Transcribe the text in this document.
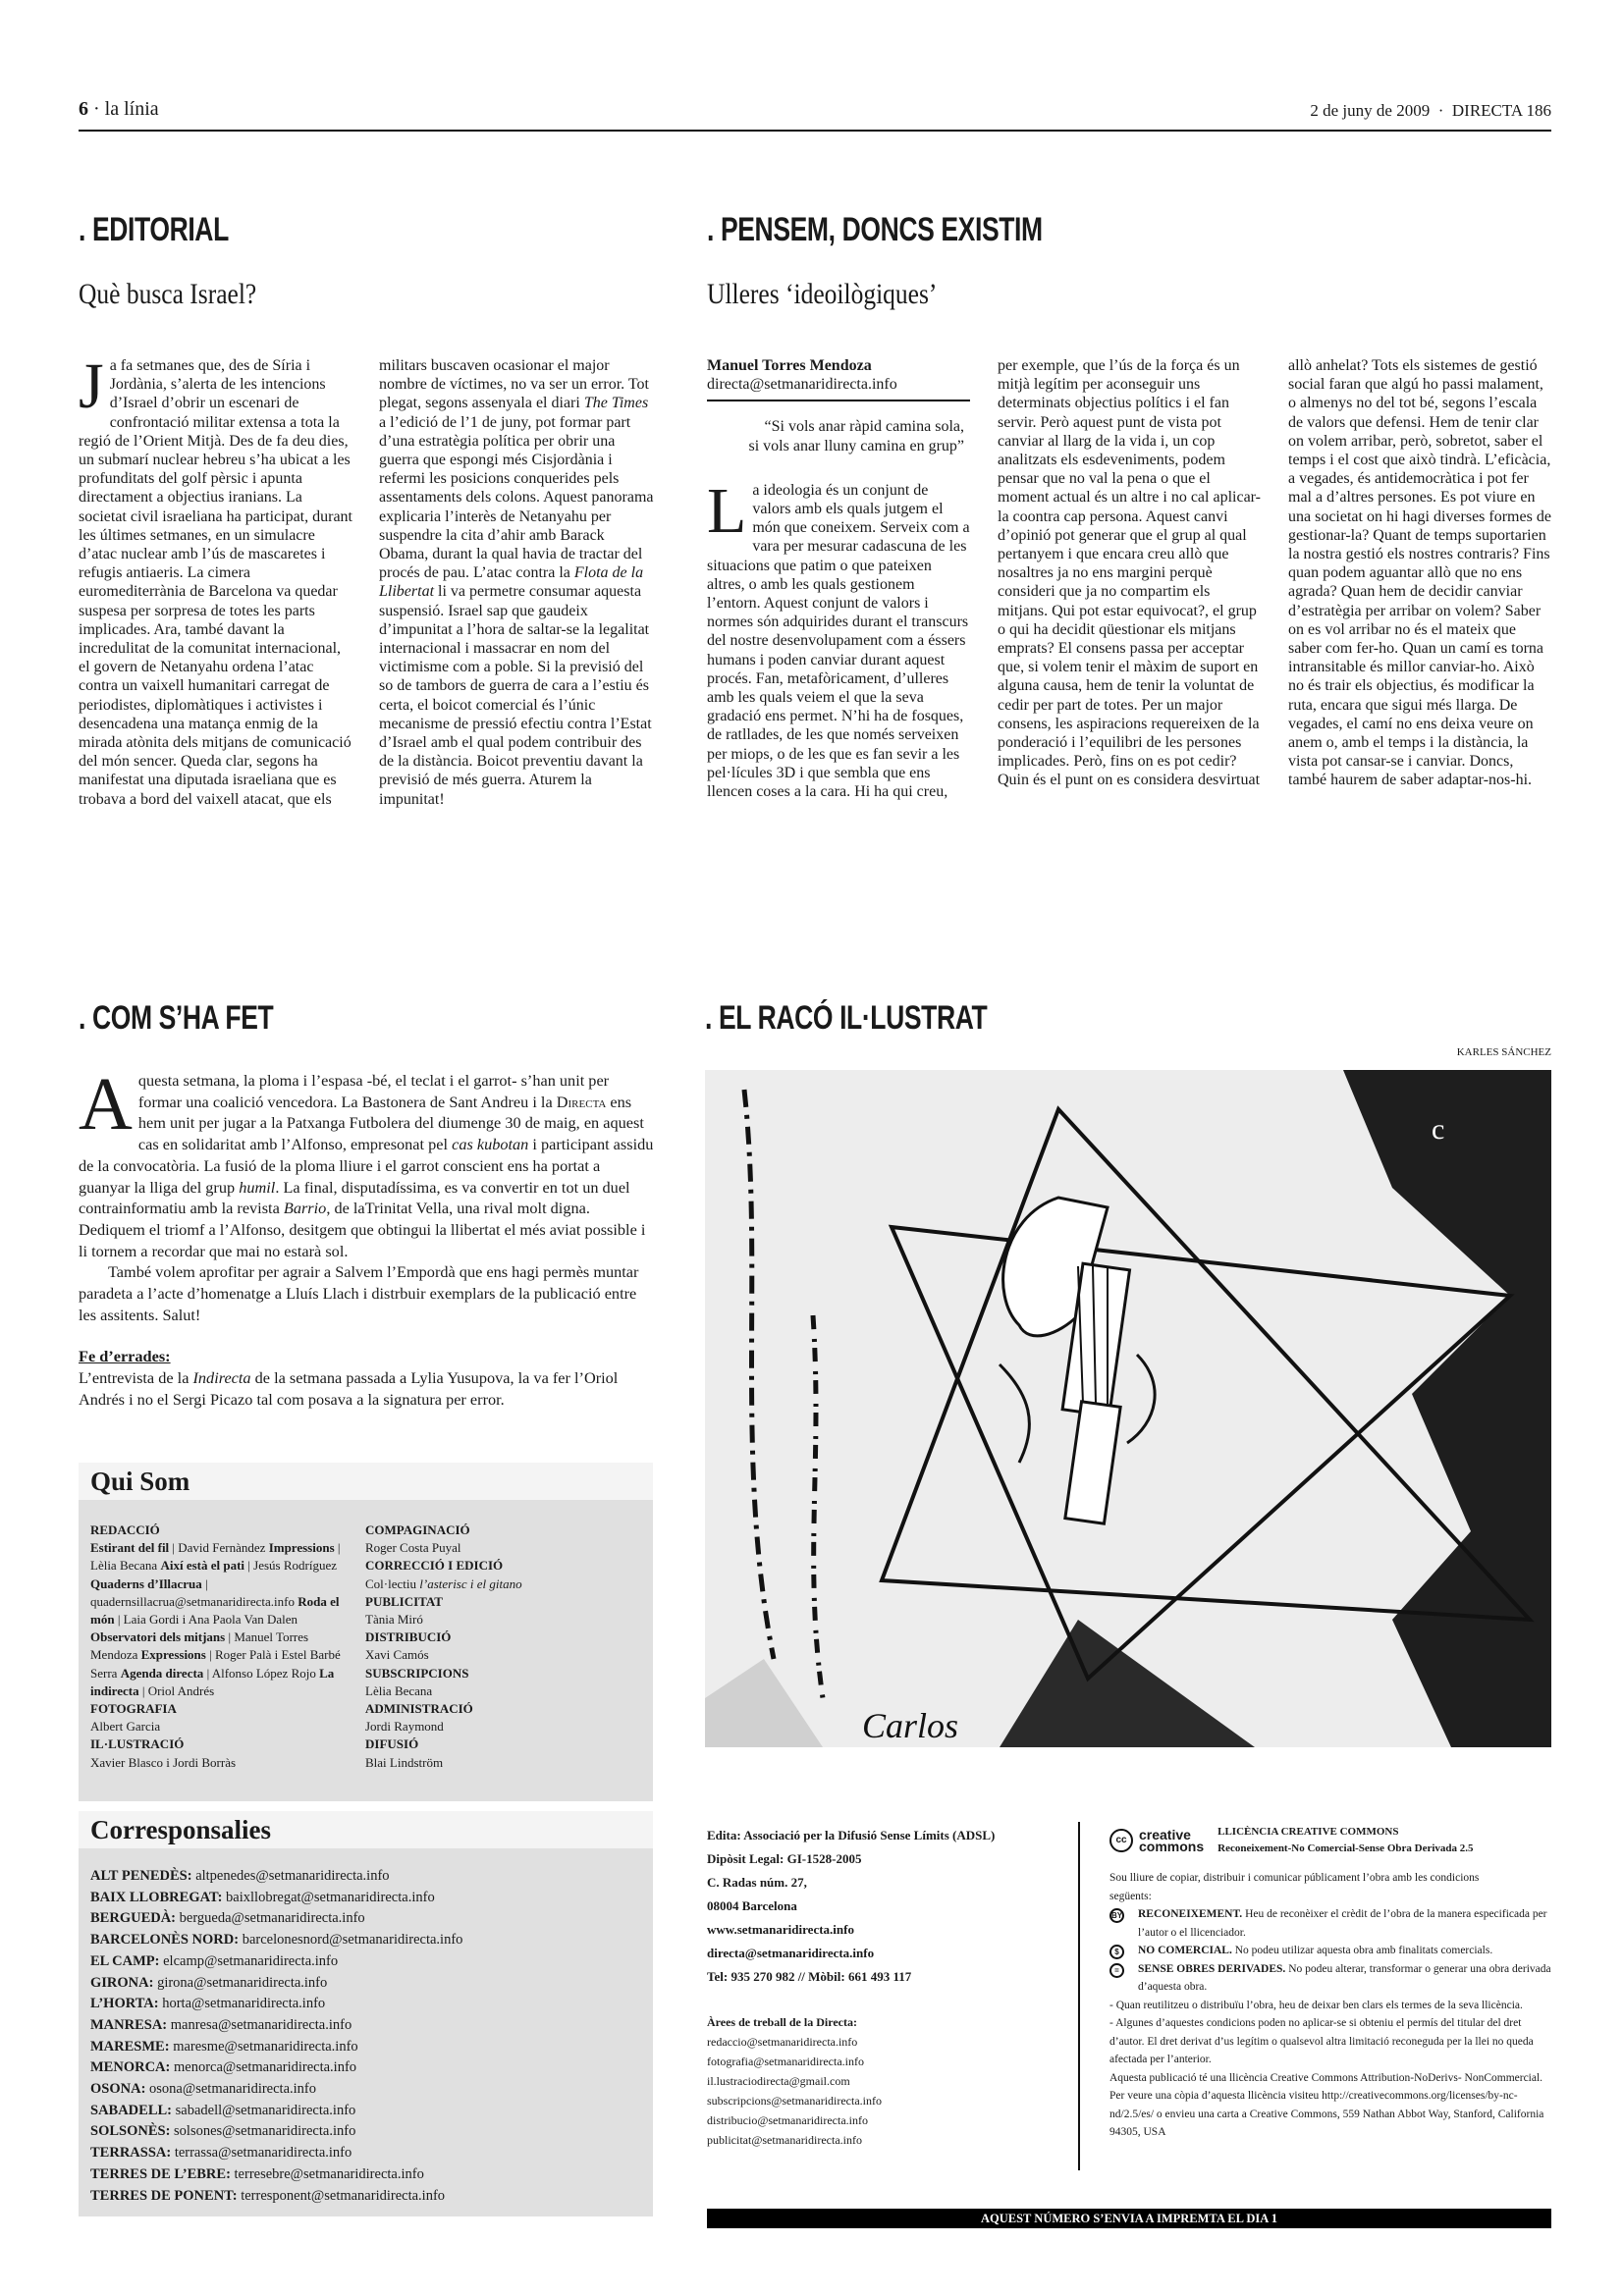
6 · la línia	2 de juny de 2009  ·  DIRECTA 186
. EDITORIAL
Què busca Israel?
J a fa setmanes que, des de Síria i Jordània, s’alerta de les intencions d’Israel d’obrir un escenari de confrontació militar extensa a tota la regió de l’Orient Mitjà. Des de fa deu dies, un submarí nuclear hebreu s’ha ubicat a les profunditats del golf pèrsic i apunta directament a objectius iranians. La societat civil israeliana ha participat, durant les últimes setmanes, en un simulacre d’atac nuclear amb l’ús de mascaretes i refugis antiaeris. La cimera euromediterrània de Barcelona va quedar suspesa per sorpresa de totes les parts implicades. Ara, també davant la incredulitat de la comunitat internacional, el govern de Netanyahu ordena l’atac contra un vaixell humanitari carregat de periodistes, diplomàtiques i activistes i desencadena una matança enmig de la mirada atònita dels mitjans de comunicació del món sencer. Queda clar, segons ha manifestat una diputada israeliana que es trobava a bord del vaixell atacat, que els militars buscaven ocasionar el major nombre de víctimes, no va ser un error. Tot plegat, segons assenyala el diari The Times a l’edició de l’1 de juny, pot formar part d’una estratègia política per obrir una guerra que espongi més Cisjordània i refermi les posicions conquerides pels assentaments dels colons. Aquest panorama explicaria l’interès de Netanyahu per suspendre la cita d’ahir amb Barack Obama, durant la qual havia de tractar del procés de pau. L’atac contra la Flota de la Llibertat li va permetre consumar aquesta suspensió. Israel sap que gaudeix d’impunitat a l’hora de saltar-se la legalitat internacional i massacrar en nom del victimisme com a poble. Si la previsió del so de tambors de guerra de cara a l’estiu és certa, el boicot comercial és l’únic mecanisme de pressió efectiu contra l’Estat d’Israel amb el qual podem contribuir des de la distància. Boicot preventiu davant la previsió de més guerra. Aturem la impunitat!
. PENSEM, DONCS EXISTIM
Ulleres ‘ideoilògiques’
Manuel Torres Mendoza
directa@setmanaridirecta.info
“Si vols anar ràpid camina sola,
si vols anar lluny camina en grup”
L a ideologia és un conjunt de valors amb els quals jutgem el món que coneixem. Serveix com a vara per mesurar cadascuna de les situacions que patim o que pateixen altres, o amb les quals gestionem l’entorn. Aquest conjunt de valors i normes són adquirides durant el transcurs del nostre desenvolupament com a éssers humans i poden canviar durant aquest procés. Fan, metafòricament, d’ulleres amb les quals veiem el que la seva gradació ens permet. N’hi ha de fosques, de ratllades, de les que només serveixen per miops, o de les que es fan sevir a les pel·lícules 3D i que sembla que ens llencen coses a la cara. Hi ha qui creu, per exemple, que l’ús de la força és un mitjà legítim per aconseguir uns determinats objectius polítics i el fan servir. Però aquest punt de vista pot canviar al llarg de la vida i, un cop analitzats els esdeveniments, podem pensar que no val la pena o que el moment actual és un altre i no cal aplicar-la coontra cap persona. Aquest canvi d’opinió pot generar que el grup al qual pertanyem i que encara creu allò que nosaltres ja no ens margini perquè consideri que ja no compartim els mitjans. Qui pot estar equivocat?, el grup o qui ha decidit qüestionar els mitjans emprats? El consens passa per acceptar que, si volem tenir el màxim de suport en alguna causa, hem de tenir la voluntat de cedir per part de totes. Per un major consens, les aspiracions requereixen de la ponderació i l’equilibri de les persones implicades. Però, fins on es pot cedir? Quin és el punt on es considera desvirtuat allò anhelat? Tots els sistemes de gestió social faran que algú ho passi malament, o almenys no del tot bé, segons l’escala de valors que defensi. Hem de tenir clar on volem arribar, però, sobretot, saber el temps i el cost que això tindrà. L’eficàcia, a vegades, és antidemocràtica i pot fer mal a d’altres persones. Es pot viure en una societat on hi hagi diverses formes de gestionar-la? Quant de temps suportarien la nostra gestió els nostres contraris? Fins quan podem aguantar allò que no ens agrada? Quan hem de decidir canviar d’estratègia per arribar on volem? Saber on es vol arribar no és el mateix que saber com fer-ho. Quan un camí es torna intransitable és millor canviar-ho. Això no és trair els objectius, és modificar la ruta, encara que sigui més llarga. De vegades, el camí no ens deixa veure on anem o, amb el temps i la distància, la vista pot cansar-se i canviar. Doncs, també haurem de saber adaptar-nos-hi.
. COM S’HA FET

Aquesta setmana, la ploma i l’espasa -bé, el teclat i el garrot- s’han unit per formar una coalició vencedora. La Bastonera de Sant Andreu i la Directa ens hem unit per jugar a la Patxanga Futbolera del diumenge 30 de maig, en aquest cas en solidaritat amb l’Alfonso, empresonat pel cas kubotan i participant assidu de la convocatòria. La fusió de la ploma lliure i el garrot conscient ens ha portat a guanyar la lliga del grup humil. La final, disputadíssima, es va convertir en tot un duel contrainformatiu amb la revista Barrio, de laTrinitat Vella, una rival molt digna. Dediquem el triomf a l’Alfonso, desitgem que obtingui la llibertat el més aviat possible i li tornem a recordar que mai no estarà sol.

També volem aprofitar per agrair a Salvem l’Empordà que ens hagi permès muntar paradeta a l’acte d’homenatge a Lluís Llach i distrbuir exemplars de la publicació entre les assitents. Salut!

Fe d’errades:

L’entrevista de la Indirecta de la setmana passada a Lylia Yusupova, la va fer l’Oriol Andrés i no el Sergi Picazo tal com posava a la signatura per error.

. EL RACÓ IL·LUSTRAT
KARLES SÁNCHEZ
c
Carlos
Qui Som
REDACCIÓ
Estirant del fil | David Fernàndez Impressions | Lèlia Becana Així està el pati | Jesús Rodríguez Quaderns d’Illacrua | quadernsillacrua@setmanaridirecta.info Roda el món | Laia Gordi i Ana Paola Van Dalen Observatori dels mitjans | Manuel Torres Mendoza Expressions | Roger Palà i Estel Barbé Serra Agenda directa | Alfonso López Rojo La indirecta | Oriol Andrés
FOTOGRAFIA
Albert Garcia
IL·LUSTRACIÓ
Xavier Blasco i Jordi Borràs
COMPAGINACIÓ
Roger Costa Puyal
CORRECCIÓ I EDICIÓ
Col·lectiu l’asterisc i el gitano
PUBLICITAT
Tània Miró
DISTRIBUCIÓ
Xavi Camós
SUBSCRIPCIONS
Lèlia Becana
ADMINISTRACIÓ
Jordi Raymond
DIFUSIÓ
Blai Lindström
Corresponsalies
ALT PENEDÈS: altpenedes@setmanaridirecta.info
BAIX LLOBREGAT: baixllobregat@setmanaridirecta.info
BERGUEDÀ: bergueda@setmanaridirecta.info
BARCELONÈS NORD: barcelonesnord@setmanaridirecta.info
EL CAMP: elcamp@setmanaridirecta.info
GIRONA: girona@setmanaridirecta.info
L’HORTA: horta@setmanaridirecta.info
MANRESA: manresa@setmanaridirecta.info
MARESME: maresme@setmanaridirecta.info
MENORCA: menorca@setmanaridirecta.info
OSONA: osona@setmanaridirecta.info
SABADELL: sabadell@setmanaridirecta.info
SOLSONÈS: solsones@setmanaridirecta.info
TERRASSA: terrassa@setmanaridirecta.info
TERRES DE L’EBRE: terresebre@setmanaridirecta.info
TERRES DE PONENT: terresponent@setmanaridirecta.info
Edita: Associació per la Difusió Sense Límits (ADSL)
Dipòsit Legal: GI-1528-2005
C. Radas núm. 27,
08004 Barcelona
www.setmanaridirecta.info
directa@setmanaridirecta.info
Tel: 935 270 982 // Mòbil: 661 493 117
Àrees de treball de la Directa:
redaccio@setmanaridirecta.info
fotografia@setmanaridirecta.info
il.lustraciodirecta@gmail.com
subscripcions@setmanaridirecta.info
distribucio@setmanaridirecta.info
publicitat@setmanaridirecta.info
cc creative
commons
LLICÈNCIA CREATIVE COMMONS
Reconeixement-No Comercial-Sense Obra Derivada 2.5
Sou lliure de copiar, distribuir i comunicar públicament l’obra amb les condicions següents:
BY	RECONEIXEMENT. Heu de reconèixer el crèdit de l’obra de la manera especificada per l’autor o el llicenciador.
$	NO COMERCIAL. No podeu utilizar aquesta obra amb finalitats comercials.
=	SENSE OBRES DERIVADES. No podeu alterar, transformar o generar una obra derivada d’aquesta obra.
- Quan reutilitzeu o distribuïu l’obra, heu de deixar ben clars els termes de la seva llicència.
- Algunes d’aquestes condicions poden no aplicar-se si obteniu el permís del titular del dret d’autor. El dret derivat d’us legítim o qualsevol altra limitació reconeguda per la llei no queda afectada per l’anterior.
Aquesta publicació té una llicència Creative Commons Attribution-NoDerivs- NonCommercial. Per veure una còpia d’aquesta llicència visiteu http://creativecommons.org/licenses/by-nc-nd/2.5/es/ o envieu una carta a Creative Commons, 559 Nathan Abbot Way, Stanford, California 94305, USA
AQUEST NÚMERO S’ENVIA A IMPREMTA EL DIA 1
